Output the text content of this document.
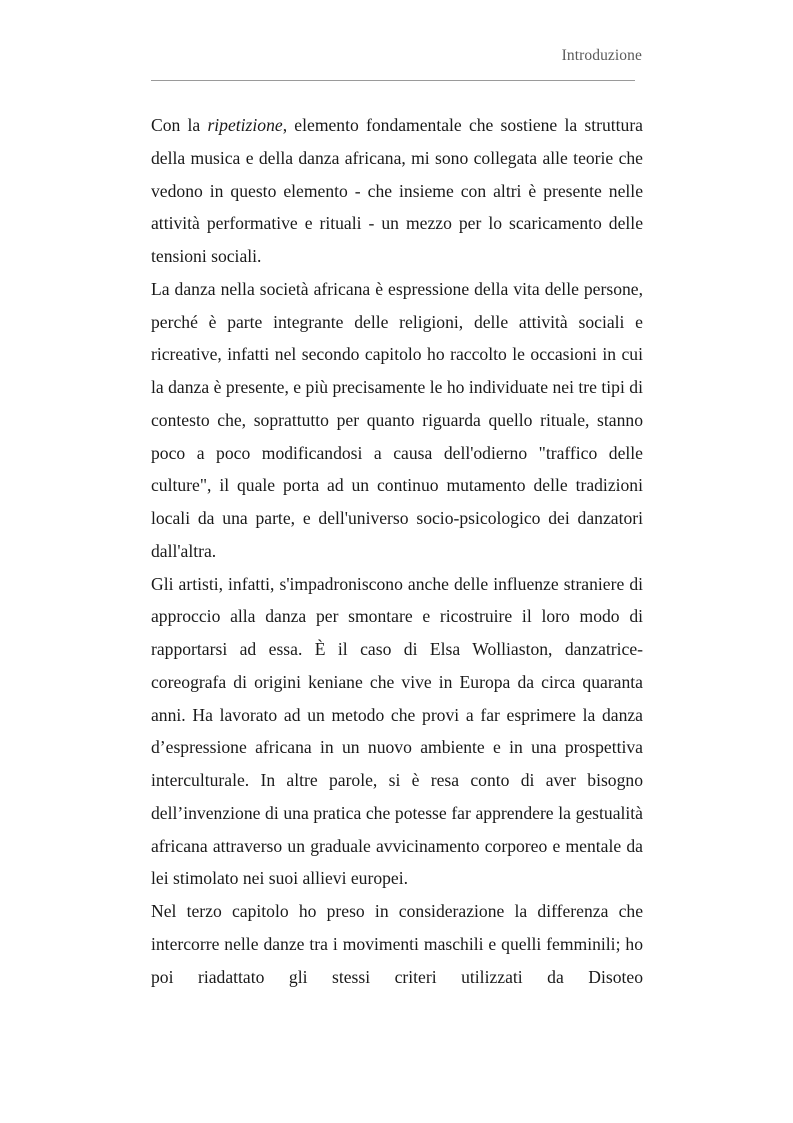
Introduzione

Con la ripetizione, elemento fondamentale che sostiene la struttura della musica e della danza africana, mi sono collegata alle teorie che vedono in questo elemento - che insieme con altri è presente nelle attività performative e rituali - un mezzo per lo scaricamento delle tensioni sociali.

La danza nella società africana è espressione della vita delle persone, perché è parte integrante delle religioni, delle attività sociali e ricreative, infatti nel secondo capitolo ho raccolto le occasioni in cui la danza è presente, e più precisamente le ho individuate nei tre tipi di contesto che, soprattutto per quanto riguarda quello rituale, stanno poco a poco modificandosi a causa dell'odierno "traffico delle culture", il quale porta ad un continuo mutamento delle tradizioni locali da una parte, e dell'universo socio-psicologico dei danzatori dall'altra.

Gli artisti, infatti, s'impadroniscono anche delle influenze straniere di approccio alla danza per smontare e ricostruire il loro modo di rapportarsi ad essa. È il caso di Elsa Wolliaston, danzatrice-coreografa di origini keniane che vive in Europa da circa quaranta anni. Ha lavorato ad un metodo che provi a far esprimere la danza d’espressione africana in un nuovo ambiente e in una prospettiva interculturale. In altre parole, si è resa conto di aver bisogno dell’invenzione di una pratica che potesse far apprendere la gestualità africana attraverso un graduale avvicinamento corporeo e mentale da lei stimolato nei suoi allievi europei.

Nel terzo capitolo ho preso in considerazione la differenza che intercorre nelle danze tra i movimenti maschili e quelli femminili; ho poi riadattato gli stessi criteri utilizzati da Disoteo
